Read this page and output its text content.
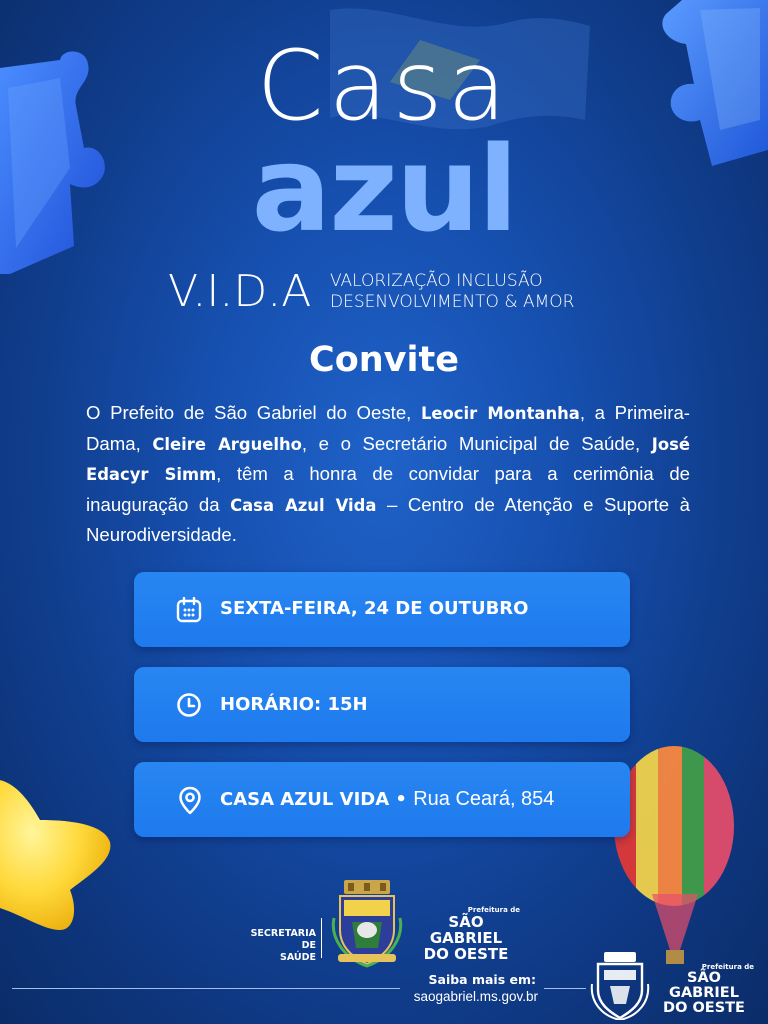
Casa
azul
V.I.D.A VALORIZAÇÃO INCLUSÃO
DESENVOLVIMENTO & AMOR
Convite
O Prefeito de São Gabriel do Oeste, Leocir Montanha, a Primeira-Dama, Cleire Arguelho, e o Secretário Municipal de Saúde, José Edacyr Simm, têm a honra de convidar para a cerimônia de inauguração da Casa Azul Vida – Centro de Atenção e Suporte à Neurodiversidade.
SEXTA-FEIRA, 24 DE OUTUBRO
HORÁRIO: 15H
CASA AZUL VIDA • Rua Ceará, 854
SECRETARIA DE
SAÚDE
Prefeitura de
SÃO GABRIEL
DO OESTE
Saiba mais em:
saogabriel.ms.gov.br
Prefeitura de
SÃO GABRIEL
DO OESTE
